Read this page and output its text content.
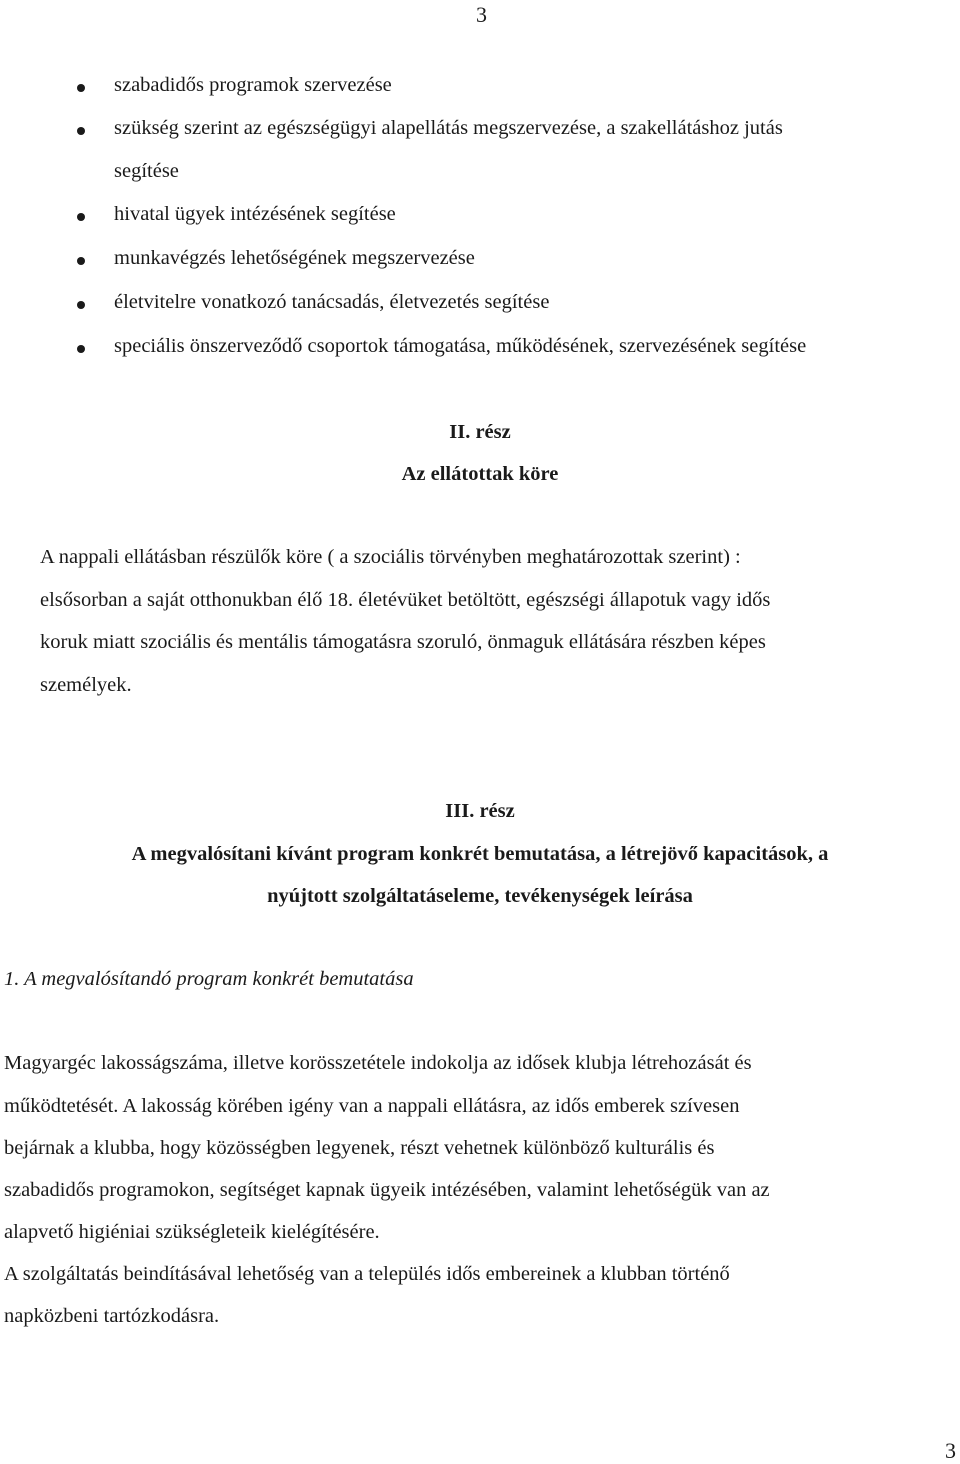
3
szabadidős programok szervezése
szükség szerint az egészségügyi alapellátás megszervezése, a szakellátáshoz jutás
segítése
hivatal ügyek intézésének segítése
munkavégzés lehetőségének megszervezése
életvitelre vonatkozó tanácsadás, életvezetés segítése
speciális önszerveződő csoportok támogatása, működésének, szervezésének segítése
II. rész
Az ellátottak köre
A nappali ellátásban részülők köre ( a szociális törvényben meghatározottak szerint) :
elsősorban a saját otthonukban élő 18. életévüket betöltött, egészségi állapotuk vagy idős
koruk miatt szociális és mentális támogatásra szoruló, önmaguk ellátására részben képes
személyek.
III. rész
A megvalósítani kívánt program konkrét bemutatása, a létrejövő kapacitások, a
nyújtott szolgáltatáseleme, tevékenységek leírása
1. A megvalósítandó program konkrét bemutatása
Magyargéc lakosságszáma, illetve korösszetétele indokolja az idősek klubja létrehozását és
működtetését. A lakosság körében igény van a nappali ellátásra, az idős emberek szívesen
bejárnak a klubba, hogy közösségben legyenek, részt vehetnek különböző kulturális és
szabadidős programokon, segítséget kapnak ügyeik intézésében, valamint lehetőségük van az
alapvető higiéniai szükségleteik kielégítésére.
A szolgáltatás beindításával lehetőség van a település idős embereinek a klubban történő
napközbeni tartózkodásra.
3
